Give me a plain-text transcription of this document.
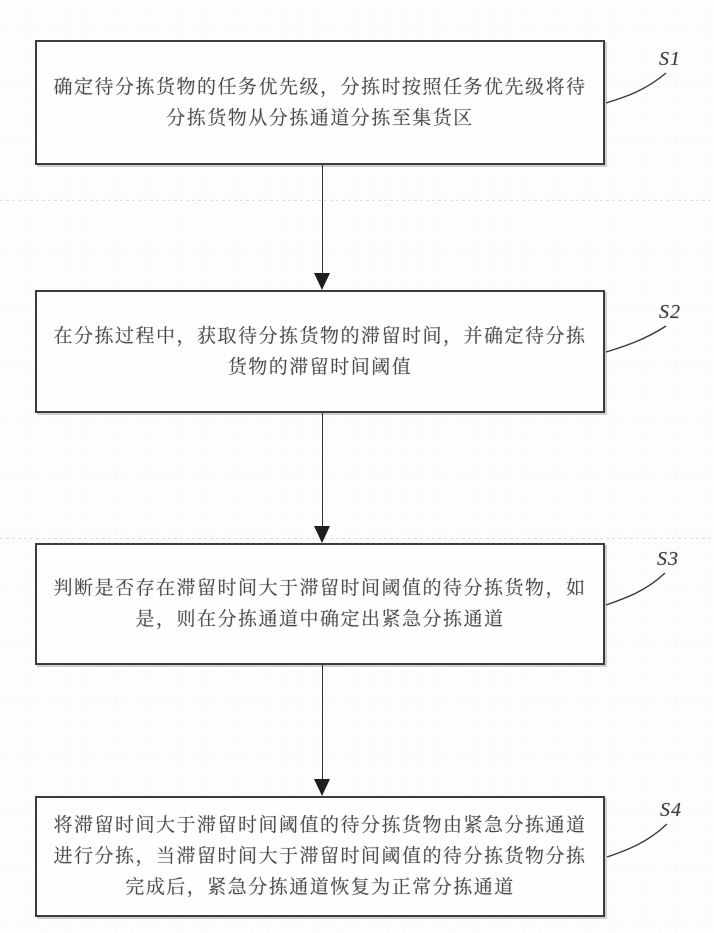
确定待分拣货物的任务优先级，分拣时按照任务优先级将待分拣货物从分拣通道分拣至集货区
在分拣过程中，获取待分拣货物的滞留时间，并确定待分拣货物的滞留时间阈值
判断是否存在滞留时间大于滞留时间阈值的待分拣货物，如是，则在分拣通道中确定出紧急分拣通道
将滞留时间大于滞留时间阈值的待分拣货物由紧急分拣通道进行分拣，当滞留时间大于滞留时间阈值的待分拣货物分拣完成后，紧急分拣通道恢复为正常分拣通道
S1
S2
S3
S4
